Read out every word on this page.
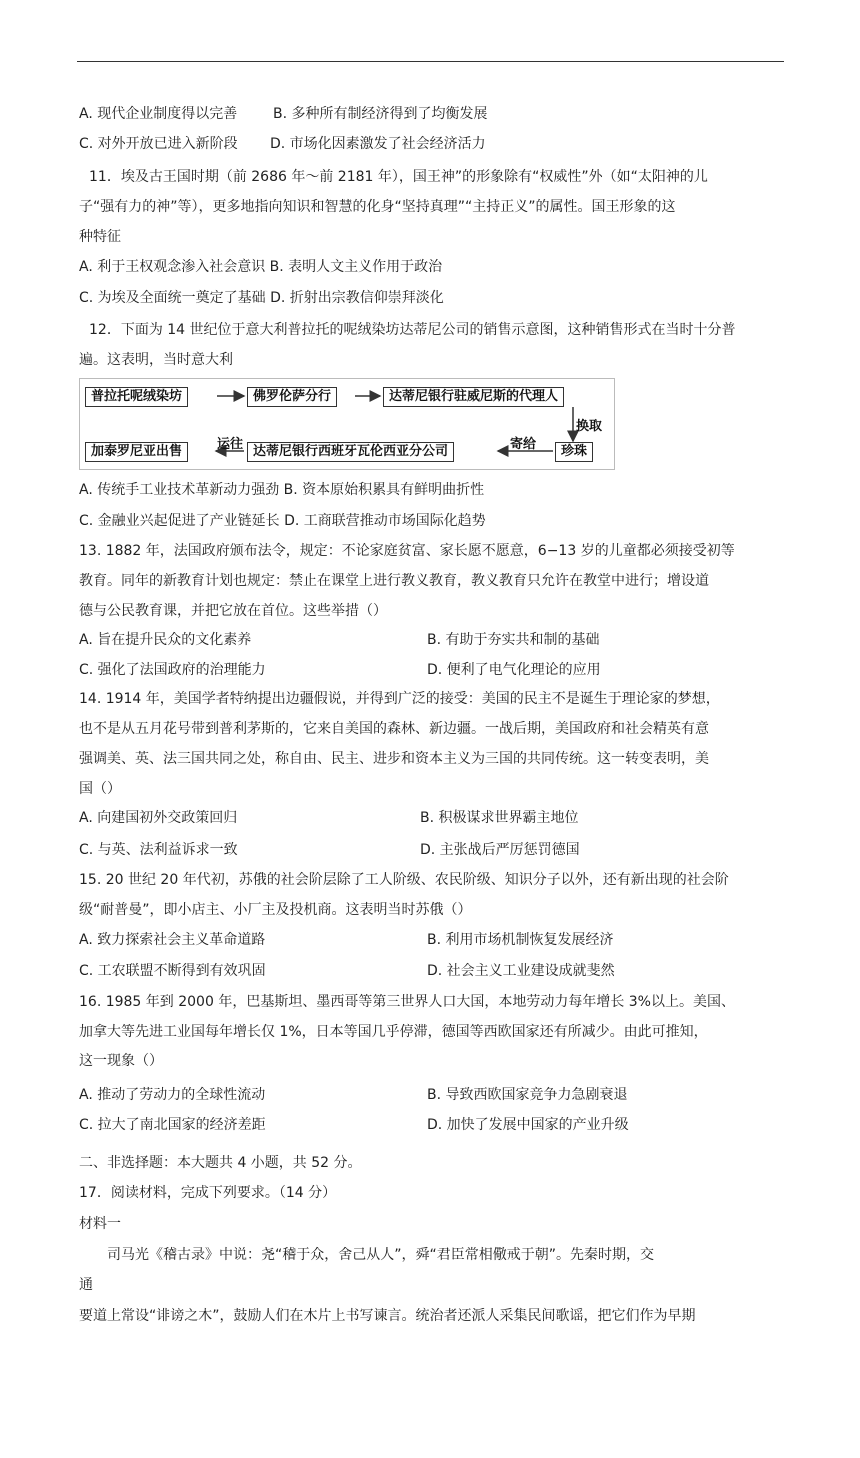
A. 现代企业制度得以完善	B. 多种所有制经济得到了均衡发展
C. 对外开放已进入新阶段 D. 市场化因素激发了社会经济活力
11．埃及古王国时期（前 2686 年～前 2181 年），国王神”的形象除有“权威性”外（如“太阳神的儿
子“强有力的神”等），更多地指向知识和智慧的化身“坚持真理”“主持正义”的属性。国王形象的这
种特征
A. 利于王权观念渗入社会意识 B. 表明人文主义作用于政治
C. 为埃及全面统一奠定了基础 D. 折射出宗教信仰崇拜淡化
12．下面为 14 世纪位于意大利普拉托的呢绒染坊达蒂尼公司的销售示意图，这种销售形式在当时十分普
遍。这表明，当时意大利
普拉托呢绒染坊	佛罗伦萨分行	达蒂尼银行驻威尼斯的代理人
换取
珍珠
寄给
达蒂尼银行西班牙瓦伦西亚分公司
运往
加泰罗尼亚出售
A. 传统手工业技术革新动力强劲 B. 资本原始积累具有鲜明曲折性
C. 金融业兴起促进了产业链延长 D. 工商联营推动市场国际化趋势
13. 1882 年，法国政府颁布法令，规定：不论家庭贫富、家长愿不愿意，6−13 岁的儿童都必须接受初等
教育。同年的新教育计划也规定：禁止在课堂上进行教义教育，教义教育只允许在教堂中进行；增设道
德与公民教育课，并把它放在首位。这些举措（）
A. 旨在提升民众的文化素养	B. 有助于夯实共和制的基础
C. 强化了法国政府的治理能力	D. 便利了电气化理论的应用
14. 1914 年，美国学者特纳提出边疆假说，并得到广泛的接受：美国的民主不是诞生于理论家的梦想，
也不是从五月花号带到普利茅斯的，它来自美国的森林、新边疆。一战后期，美国政府和社会精英有意
强调美、英、法三国共同之处，称自由、民主、进步和资本主义为三国的共同传统。这一转变表明，美
国（）
A. 向建国初外交政策回归	B. 积极谋求世界霸主地位
C. 与英、法利益诉求一致	D. 主张战后严厉惩罚德国
15. 20 世纪 20 年代初，苏俄的社会阶层除了工人阶级、农民阶级、知识分子以外，还有新出现的社会阶
级“耐普曼”，即小店主、小厂主及投机商。这表明当时苏俄（）
A. 致力探索社会主义革命道路	B. 利用市场机制恢复发展经济
C. 工农联盟不断得到有效巩固	D. 社会主义工业建设成就斐然
16. 1985 年到 2000 年，巴基斯坦、墨西哥等第三世界人口大国，本地劳动力每年增长 3%以上。美国、
加拿大等先进工业国每年增长仅 1%，日本等国几乎停滞，德国等西欧国家还有所减少。由此可推知，
这一现象（）
A. 推动了劳动力的全球性流动	B. 导致西欧国家竞争力急剧衰退
C. 拉大了南北国家的经济差距	D. 加快了发展中国家的产业升级
二、非选择题：本大题共 4 小题，共 52 分。
17．阅读材料，完成下列要求。（14 分）
材料一
司马光《稽古录》中说：尧“稽于众，舍己从人”，舜“君臣常相儆戒于朝”。先秦时期，交
通
要道上常设“诽谤之木”，鼓励人们在木片上书写谏言。统治者还派人采集民间歌谣，把它们作为早期
